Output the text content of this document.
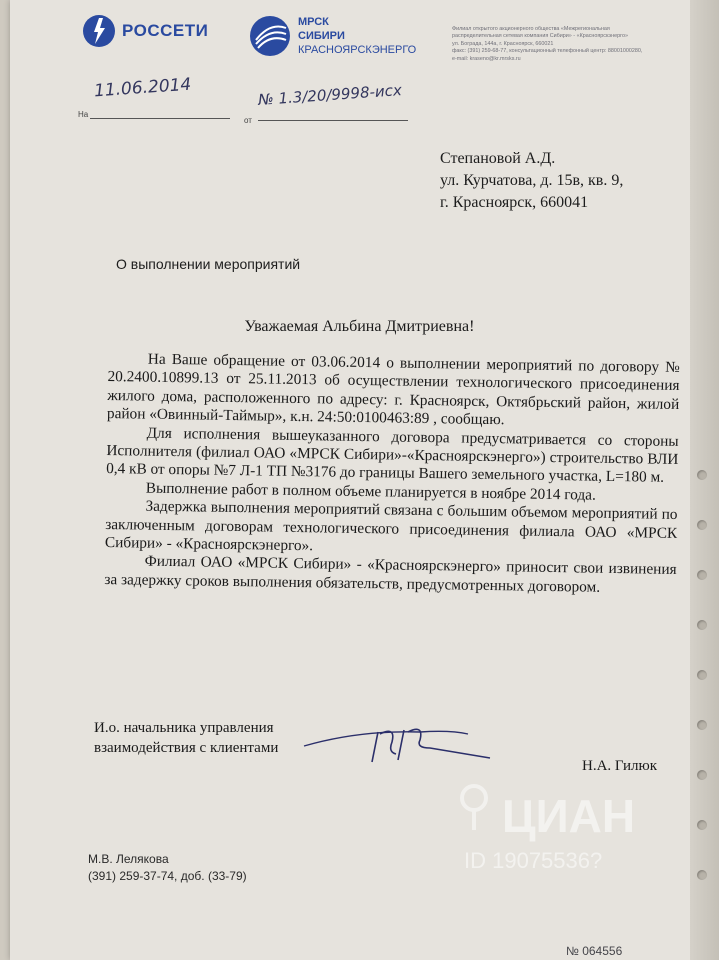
РОССЕТИ	МРСК
СИБИРИ
КРАСНОЯРСКЭНЕРГО
Филиал открытого акционерного общества «Межрегиональная
распределительная сетевая компания Сибири» - «Красноярскэнерго»
ул. Бограда, 144а, г. Красноярск, 660021
факс: (391) 259-68-77, консультационный телефонный центр: 88001000280,
e-mail: kraseno@kr.mrsks.ru
11.06.2014
На
№ 1.3/20/9998-исх
от
Степановой А.Д.
ул. Курчатова, д. 15в, кв. 9,
г. Красноярск, 660041
О выполнении мероприятий
Уважаемая Альбина Дмитриевна!

На Ваше обращение от 03.06.2014 о выполнении мероприятий по договору № 20.2400.10899.13 от 25.11.2013 об осуществлении технологического присоединения жилого дома, расположенного по адресу: г. Красноярск, Октябрьский район, жилой район «Овинный-Таймыр», к.н. 24:50:0100463:89 , сообщаю.

Для исполнения вышеуказанного договора предусматривается со стороны Исполнителя (филиал ОАО «МРСК Сибири»-«Красноярскэнерго») строительство ВЛИ 0,4 кВ от опоры №7 Л-1 ТП №3176 до границы Вашего земельного участка, L=180 м.

Выполнение работ в полном объеме планируется в ноябре 2014 года.

Задержка выполнения мероприятий связана с большим объемом мероприятий по заключенным договорам технологического присоединения филиала ОАО «МРСК Сибири» - «Красноярскэнерго».

Филиал ОАО «МРСК Сибири» - «Красноярскэнерго» приносит свои извинения за задержку сроков выполнения обязательств, предусмотренных договором.

И.о. начальника управления
взаимодействия с клиентами
Н.А. Гилюк
М.В. Лелякова
(391) 259-37-74, доб. (33-79)
ЦИАН
ID 19075536?
№ 064556
